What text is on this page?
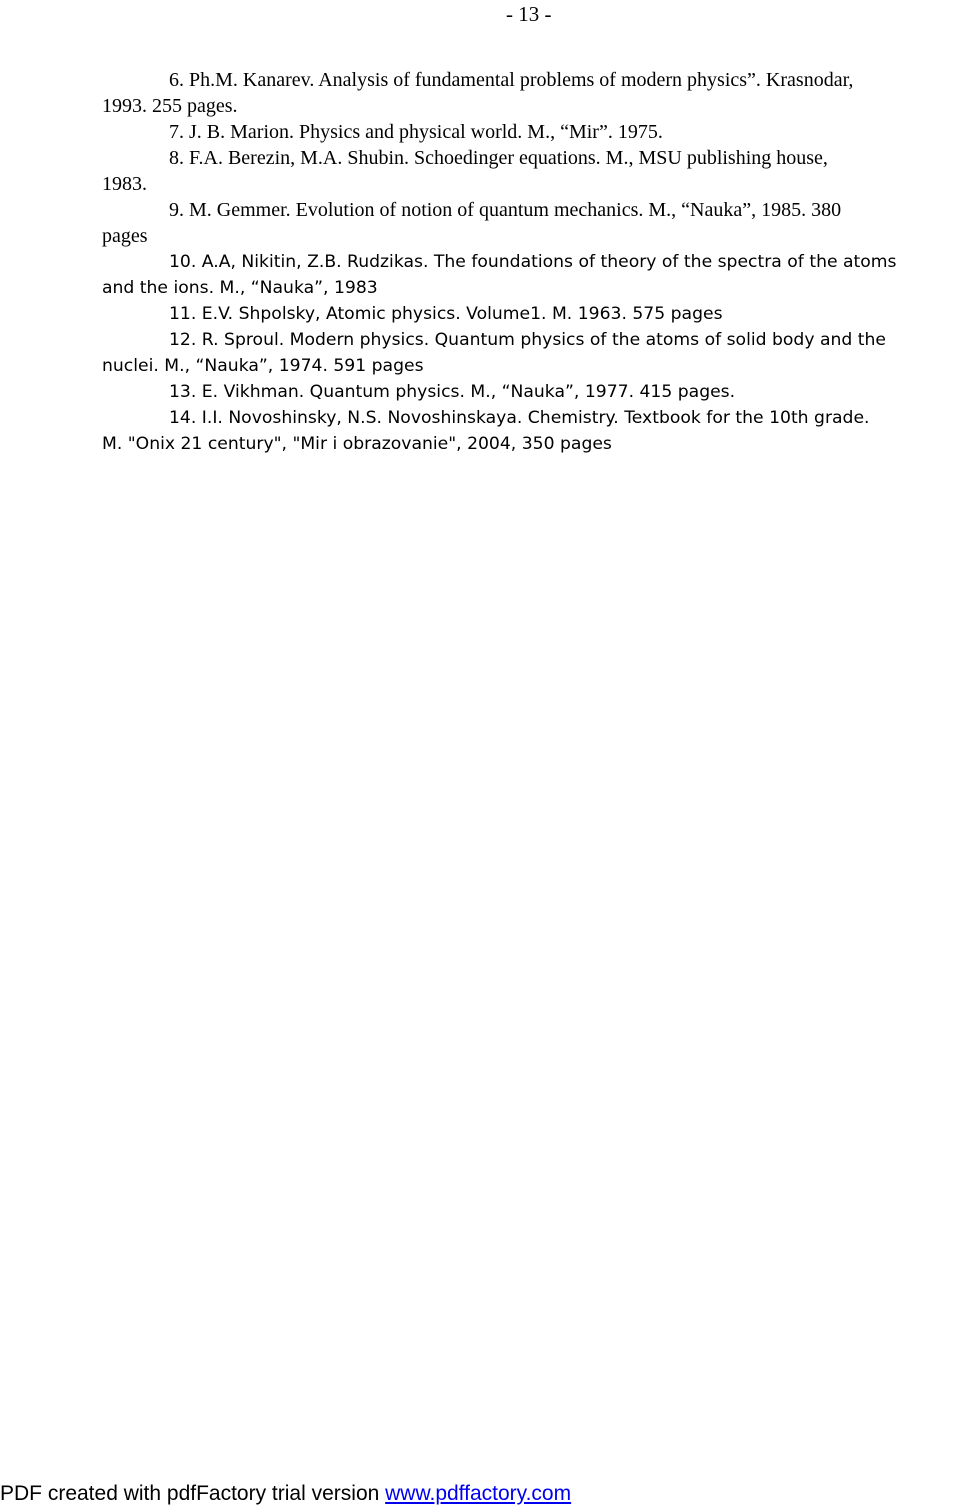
- 13 -
6. Ph.M. Kanarev. Analysis of fundamental problems of modern physics”. Krasnodar,
1993. 255 pages.
7. J. B. Marion. Physics and physical world. M., “Mir”. 1975.
8. F.A. Berezin, M.A. Shubin. Schoedinger equations. M., MSU publishing house,
1983.
9. M. Gemmer. Evolution of notion of quantum mechanics. M., “Nauka”, 1985. 380
pages
10. A.A, Nikitin, Z.B. Rudzikas. The foundations of theory of the spectra of the atoms
and the ions. M., “Nauka”, 1983
11. E.V. Shpolsky, Atomic physics. Volume1. M. 1963. 575 pages
12. R. Sproul. Modern physics. Quantum physics of the atoms of solid body and the
nuclei. M., “Nauka”, 1974. 591 pages
13. E. Vikhman. Quantum physics. M., “Nauka”, 1977. 415 pages.
14. I.I. Novoshinsky, N.S. Novoshinskaya. Chemistry. Textbook for the 10th grade.
M. "Onix 21 century", "Mir i obrazovanie", 2004, 350 pages
PDF created with pdfFactory trial version www.pdffactory.com
